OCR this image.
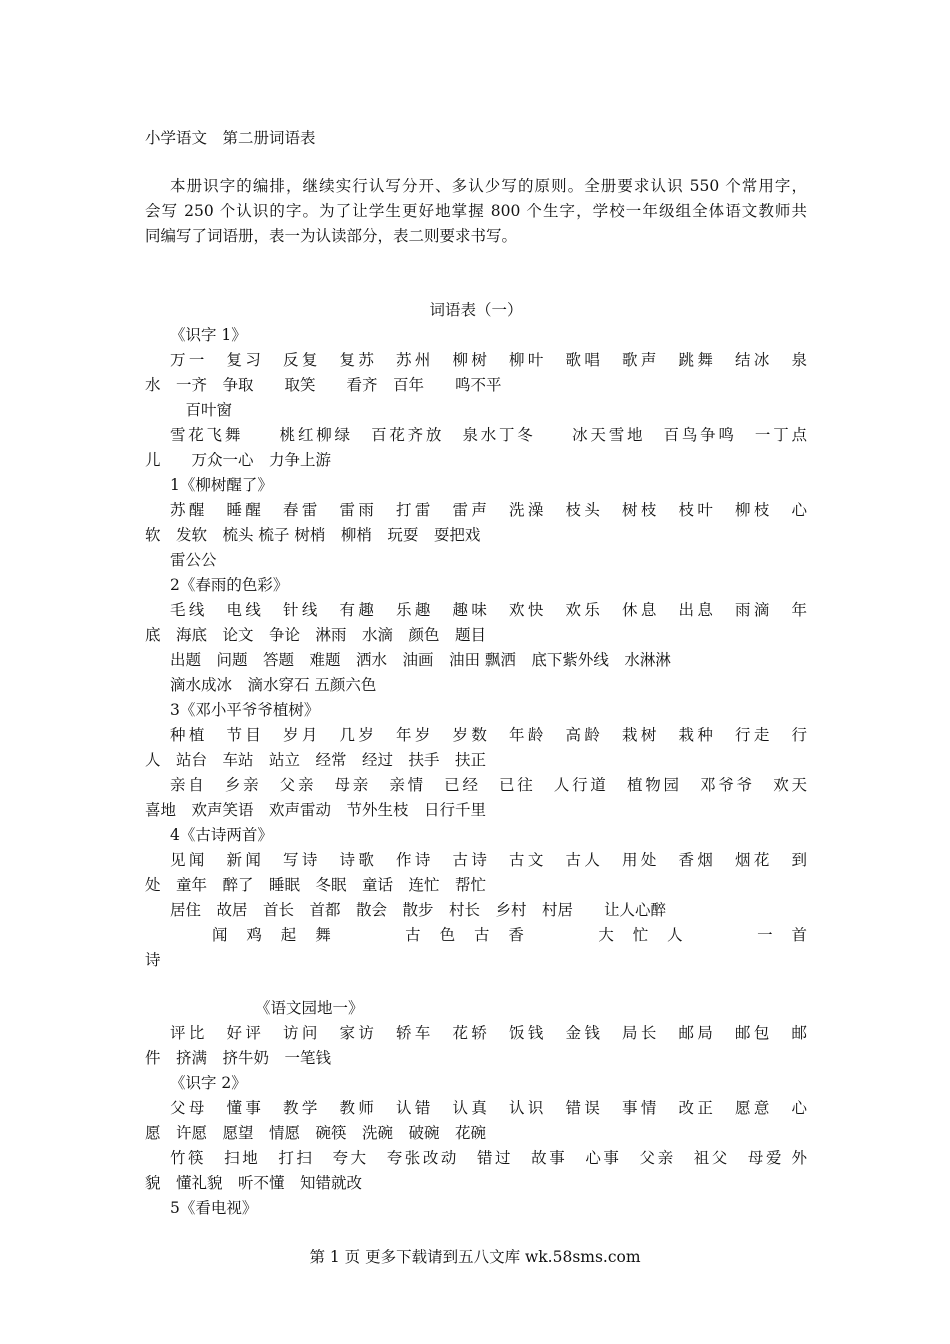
小学语文　第二册词语表
本册识字的编排，继续实行认写分开、多认少写的原则。全册要求认识 550 个常用字，
会写 250 个认识的字。为了让学生更好地掌握 800 个生字，学校一年级组全体语文教师共
同编写了词语册，表一为认读部分，表二则要求书写。
词语表（一）
《识字 1》
万一　复习　反复　复苏　苏州　柳树　柳叶　歌唱　歌声　跳舞　结冰　泉
水　一齐　争取　　取笑　　看齐　百年　　鸣不平
　百叶窗
雪花飞舞　　桃红柳绿　百花齐放　泉水丁冬　　冰天雪地　百鸟争鸣　一丁点
儿　　万众一心　力争上游
1《柳树醒了》
苏醒　睡醒　春雷　雷雨　打雷　雷声　洗澡　枝头　树枝　枝叶　柳枝　心
软　发软　梳头 梳子 树梢　柳梢　玩耍　耍把戏
雷公公
2《春雨的色彩》
毛线　电线　针线　有趣　乐趣　趣味　欢快　欢乐　休息　出息　雨滴　年
底　海底　论文　争论　淋雨　水滴　颜色　题目
出题　问题　答题　难题　洒水　油画　油田 飘洒　底下紫外线　水淋淋
滴水成冰　滴水穿石 五颜六色
3《邓小平爷爷植树》
种植　节目　岁月　几岁　年岁　岁数　年龄　高龄　栽树　栽种　行走　行
人　站台　车站　站立　经常　经过　扶手　扶正
亲自　乡亲　父亲　母亲　亲情　已经　已往　人行道　植物园　邓爷爷　欢天
喜地　欢声笑语　欢声雷动　节外生枝　日行千里
4《古诗两首》
见闻　新闻　写诗　诗歌　作诗　古诗　古文　古人　用处　香烟　烟花　到
处　童年　醉了　睡眠　冬眠　童话　连忙　帮忙
居住　故居　首长　首都　散会　散步　村长　乡村　村居　　让人心醉
闻 鸡 起 舞　　　古 色 古 香　　　大 忙 人　　　一 首
诗
《语文园地一》
评比　好评　访问　家访　轿车　花轿　饭钱　金钱　局长　邮局　邮包　邮
件　挤满　挤牛奶　一笔钱
《识字 2》
父母　懂事　教学　教师　认错　认真　认识　错误　事情　改正　愿意　心
愿　许愿　愿望　情愿　碗筷　洗碗　破碗　花碗
竹筷　扫地　打扫　夸大　夸张改动　错过　故事　心事　父亲　祖父　母爱 外
貌　懂礼貌　听不懂　知错就改
5《看电视》
第 1 页 更多下载请到五八文库 wk.58sms.com
